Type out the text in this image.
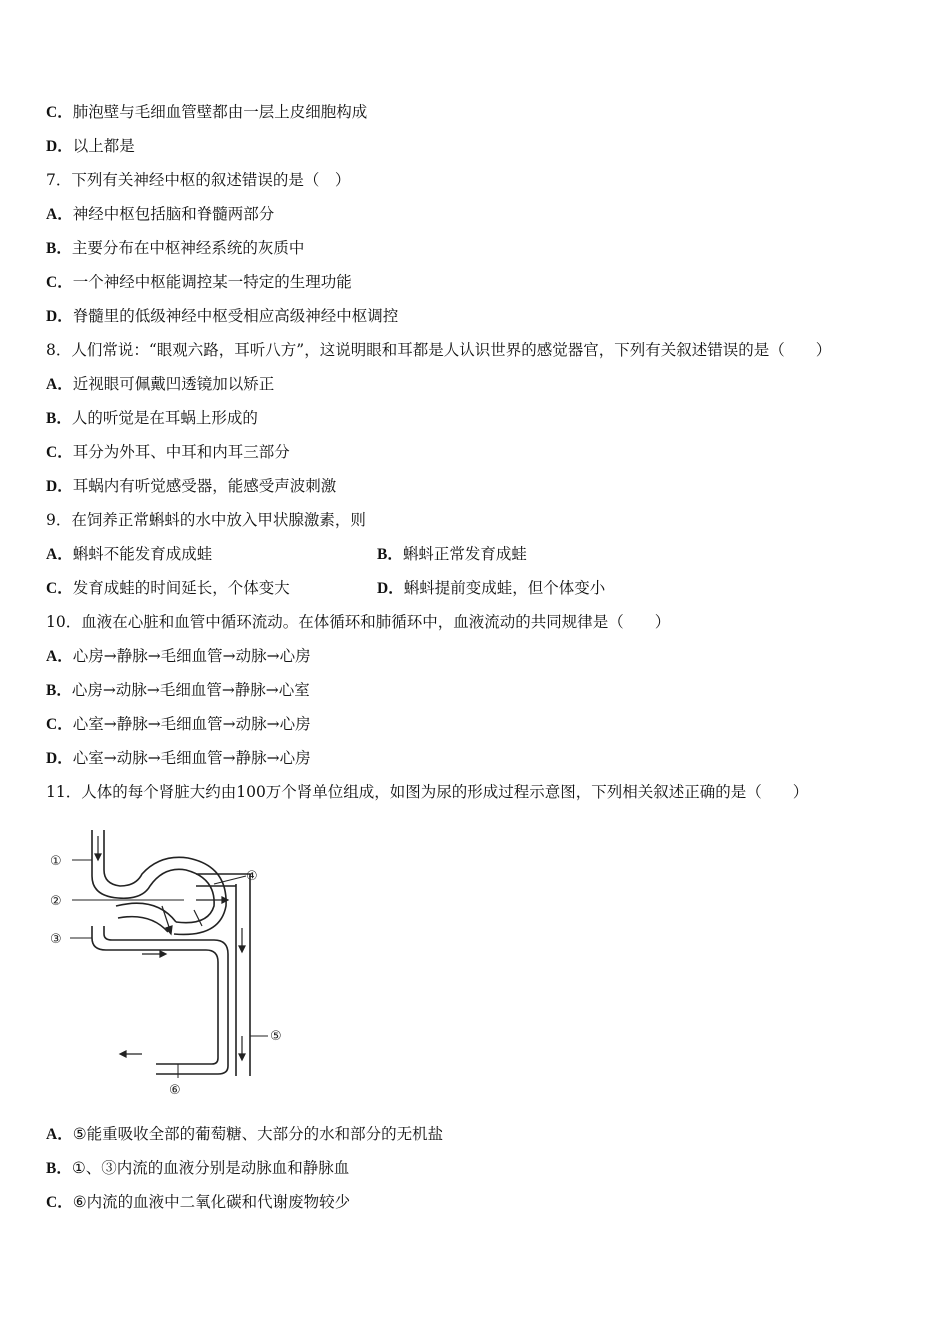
C．肺泡壁与毛细血管壁都由一层上皮细胞构成
D．以上都是
7．下列有关神经中枢的叙述错误的是（　）
A．神经中枢包括脑和脊髓两部分
B．主要分布在中枢神经系统的灰质中
C．一个神经中枢能调控某一特定的生理功能
D．脊髓里的低级神经中枢受相应高级神经中枢调控
8．人们常说：“眼观六路，耳听八方”，这说明眼和耳都是人认识世界的感觉器官，下列有关叙述错误的是（　　）
A．近视眼可佩戴凹透镜加以矫正
B．人的听觉是在耳蜗上形成的
C．耳分为外耳、中耳和内耳三部分
D．耳蜗内有听觉感受器，能感受声波刺激
9．在饲养正常蝌蚪的水中放入甲状腺激素，则
A．蝌蚪不能发育成成蛙	B．蝌蚪正常发育成蛙
C．发育成蛙的时间延长，个体变大	D．蝌蚪提前变成蛙，但个体变小
10．血液在心脏和血管中循环流动。在体循环和肺循环中，血液流动的共同规律是（　　）
A．心房→静脉→毛细血管→动脉→心房
B．心房→动脉→毛细血管→静脉→心室
C．心室→静脉→毛细血管→动脉→心房
D．心室→动脉→毛细血管→静脉→心房
11．人体的每个肾脏大约由100万个肾单位组成，如图为尿的形成过程示意图，下列相关叙述正确的是（　　）
①
②
③
④
⑤
⑥
A．⑤能重吸收全部的葡萄糖、大部分的水和部分的无机盐
B．①、③内流的血液分别是动脉血和静脉血
C．⑥内流的血液中二氧化碳和代谢废物较少
